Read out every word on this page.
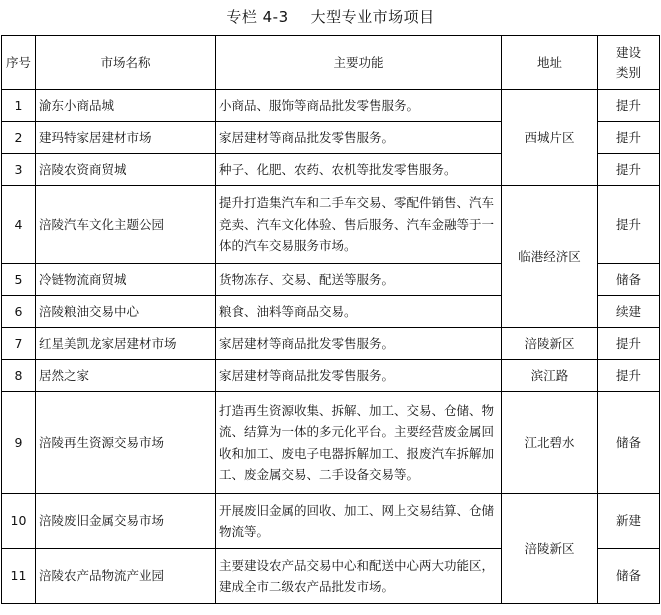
专栏 4-3 大型专业市场项目
序号	市场名称	主要功能	地址	建设
类别
1	渝东小商品城	小商品、服饰等商品批发零售服务。	西城片区	提升
2	建玛特家居建材市场	家居建材等商品批发零售服务。		提升
3	涪陵农资商贸城	种子、化肥、农药、农机等批发零售服务。		提升
4	涪陵汽车文化主题公园	提升打造集汽车和二手车交易、零配件销售、汽车竞卖、汽车文化体验、售后服务、汽车金融等于一体的汽车交易服务市场。	临港经济区	提升
5	冷链物流商贸城	货物冻存、交易、配送等服务。		储备
6	涪陵粮油交易中心	粮食、油料等商品交易。		续建
7	红星美凯龙家居建材市场	家居建材等商品批发零售服务。	涪陵新区	提升
8	居然之家	家居建材等商品批发零售服务。	滨江路	提升
9	涪陵再生资源交易市场	打造再生资源收集、拆解、加工、交易、仓储、物流、结算为一体的多元化平台。主要经营废金属回收和加工、废电子电器拆解加工、报废汽车拆解加工、废金属交易、二手设备交易等。	江北碧水	储备
10	涪陵废旧金属交易市场	开展废旧金属的回收、加工、网上交易结算、仓储物流等。	涪陵新区	新建
11	涪陵农产品物流产业园	主要建设农产品交易中心和配送中心两大功能区，建成全市二级农产品批发市场。		储备
